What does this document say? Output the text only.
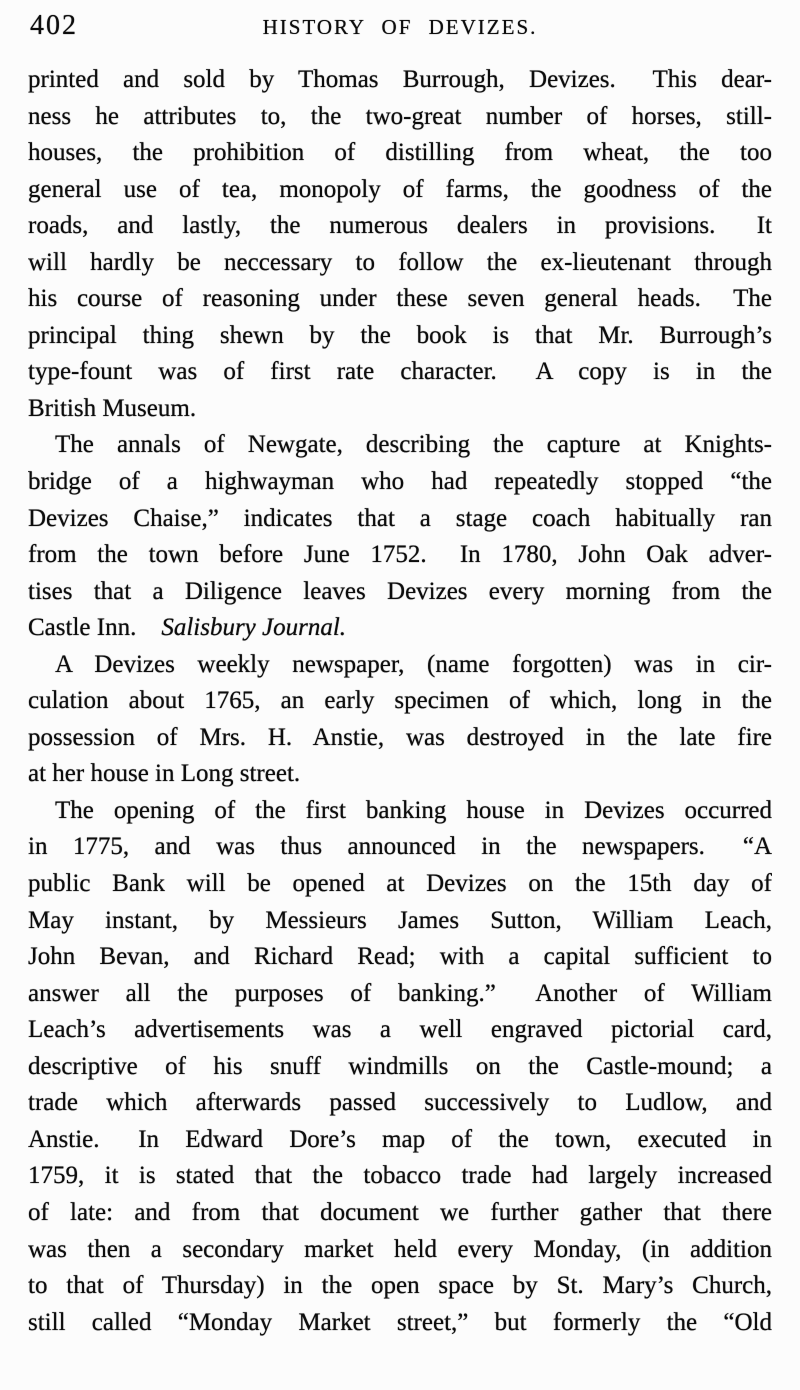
402	HISTORY OF DEVIZES.
printed and sold by Thomas Burrough, Devizes.  This dear-
ness he attributes to, the two-great number of horses, still-
houses, the prohibition of distilling from wheat, the too
general use of tea, monopoly of farms, the goodness of the
roads, and lastly, the numerous dealers in provisions.  It
will hardly be neccessary to follow the ex-lieutenant through
his course of reasoning under these seven general heads.  The
principal thing shewn by the book is that Mr. Burrough’s
type-fount was of first rate character.  A copy is in the
British Museum.
The annals of Newgate, describing the capture at Knights-
bridge of a highwayman who had repeatedly stopped “the
Devizes Chaise,” indicates that a stage coach habitually ran
from the town before June 1752.  In 1780, John Oak adver-
tises that a Diligence leaves Devizes every morning from the
Castle Inn. Salisbury Journal.
A Devizes weekly newspaper, (name forgotten) was in cir-
culation about 1765, an early specimen of which, long in the
possession of Mrs. H. Anstie, was destroyed in the late fire
at her house in Long street.
The opening of the first banking house in Devizes occurred
in 1775, and was thus announced in the newspapers.  “A
public Bank will be opened at Devizes on the 15th day of
May instant, by Messieurs James Sutton, William Leach,
John Bevan, and Richard Read; with a capital sufficient to
answer all the purposes of banking.”  Another of William
Leach’s advertisements was a well engraved pictorial card,
descriptive of his snuff windmills on the Castle-mound; a
trade which afterwards passed successively to Ludlow, and
Anstie.  In Edward Dore’s map of the town, executed in
1759, it is stated that the tobacco trade had largely increased
of late: and from that document we further gather that there
was then a secondary market held every Monday, (in addition
to that of Thursday) in the open space by St. Mary’s Church,
still called “Monday Market street,” but formerly the “Old
